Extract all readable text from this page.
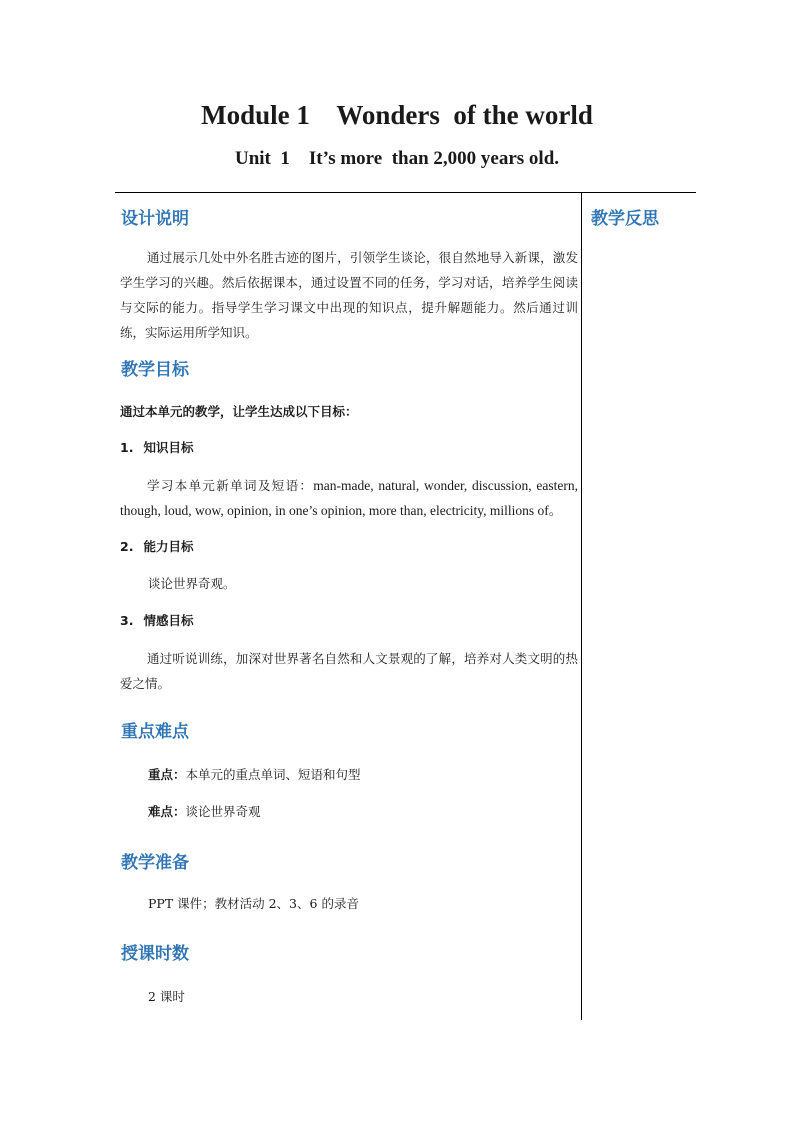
Module 1    Wonders  of the world
Unit  1    It’s more  than 2,000 years old.
教学反思
设计说明
通过展示几处中外名胜古迹的图片，引领学生谈论，很自然地导入新课，激发学生学习的兴趣。然后依据课本，通过设置不同的任务，学习对话，培养学生阅读与交际的能力。指导学生学习课文中出现的知识点，提升解题能力。然后通过训练，实际运用所学知识。
教学目标
通过本单元的教学，让学生达成以下目标：
1. 知识目标
学习本单元新单词及短语：man-made, natural, wonder, discussion, eastern, though, loud, wow, opinion, in one’s opinion, more than, electricity, millions of。
2. 能力目标
谈论世界奇观。
3. 情感目标
通过听说训练，加深对世界著名自然和人文景观的了解，培养对人类文明的热爱之情。
重点难点
重点：本单元的重点单词、短语和句型
难点：谈论世界奇观
教学准备
PPT 课件；教材活动 2、3、6 的录音
授课时数
2 课时
